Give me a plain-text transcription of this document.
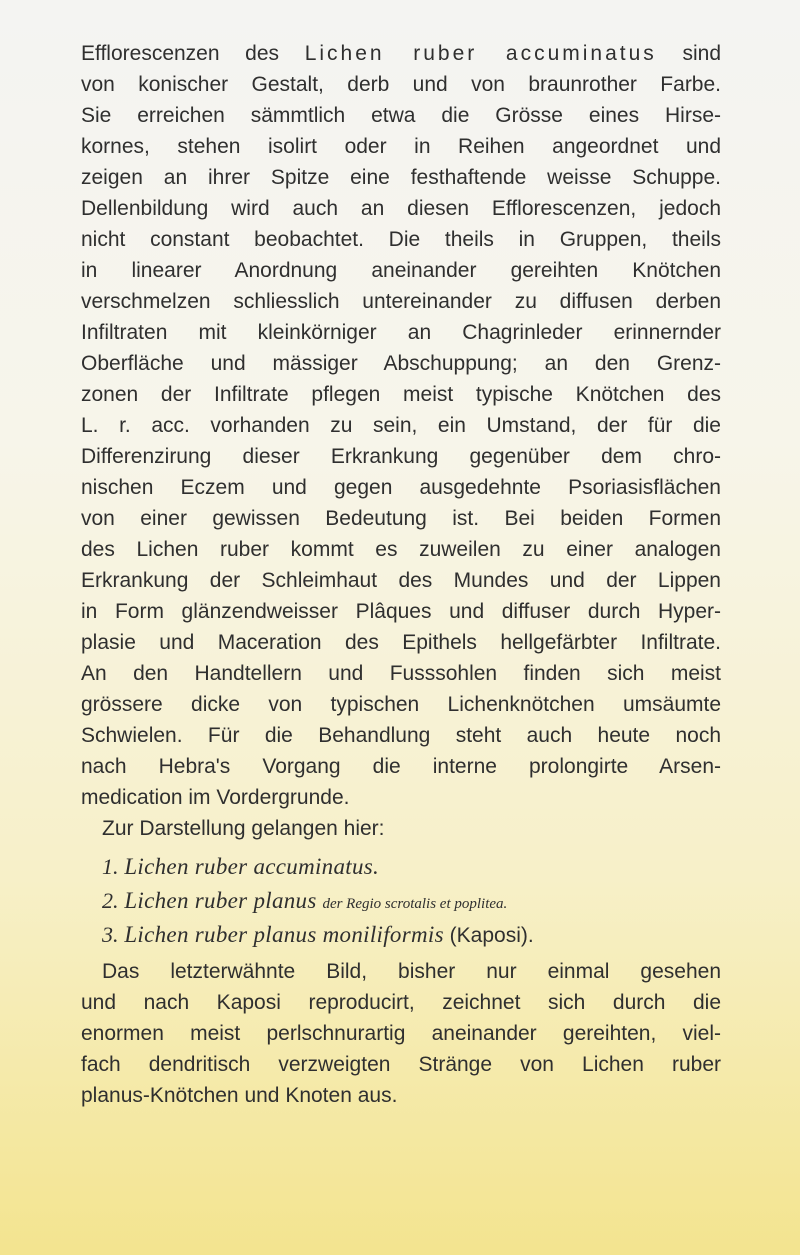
Efflorescenzen des Lichen ruber accuminatus sind
von konischer Gestalt, derb und von braunrother Farbe.
Sie erreichen sämmtlich etwa die Grösse eines Hirse-
kornes, stehen isolirt oder in Reihen angeordnet und
zeigen an ihrer Spitze eine festhaftende weisse Schuppe.
Dellenbildung wird auch an diesen Efflorescenzen, jedoch
nicht constant beobachtet. Die theils in Gruppen, theils
in linearer Anordnung aneinander gereihten Knötchen
verschmelzen schliesslich untereinander zu diffusen derben
Infiltraten mit kleinkörniger an Chagrinleder erinnernder
Oberfläche und mässiger Abschuppung; an den Grenz-
zonen der Infiltrate pflegen meist typische Knötchen des
L. r. acc. vorhanden zu sein, ein Umstand, der für die
Differenzirung dieser Erkrankung gegenüber dem chro-
nischen Eczem und gegen ausgedehnte Psoriasisflächen
von einer gewissen Bedeutung ist. Bei beiden Formen
des Lichen ruber kommt es zuweilen zu einer analogen
Erkrankung der Schleimhaut des Mundes und der Lippen
in Form glänzendweisser Plâques und diffuser durch Hyper-
plasie und Maceration des Epithels hellgefärbter Infiltrate.
An den Handtellern und Fusssohlen finden sich meist
grössere dicke von typischen Lichenknötchen umsäumte
Schwielen. Für die Behandlung steht auch heute noch
nach Hebra's Vorgang die interne prolongirte Arsen-
medication im Vordergrunde.
Zur Darstellung gelangen hier:
1. Lichen ruber accuminatus.
2. Lichen ruber planus der Regio scrotalis et poplitea.
3. Lichen ruber planus moniliformis (Kaposi).
Das letzterwähnte Bild, bisher nur einmal gesehen
und nach Kaposi reproducirt, zeichnet sich durch die
enormen meist perlschnurartig aneinander gereihten, viel-
fach dendritisch verzweigten Stränge von Lichen ruber
planus-Knötchen und Knoten aus.
